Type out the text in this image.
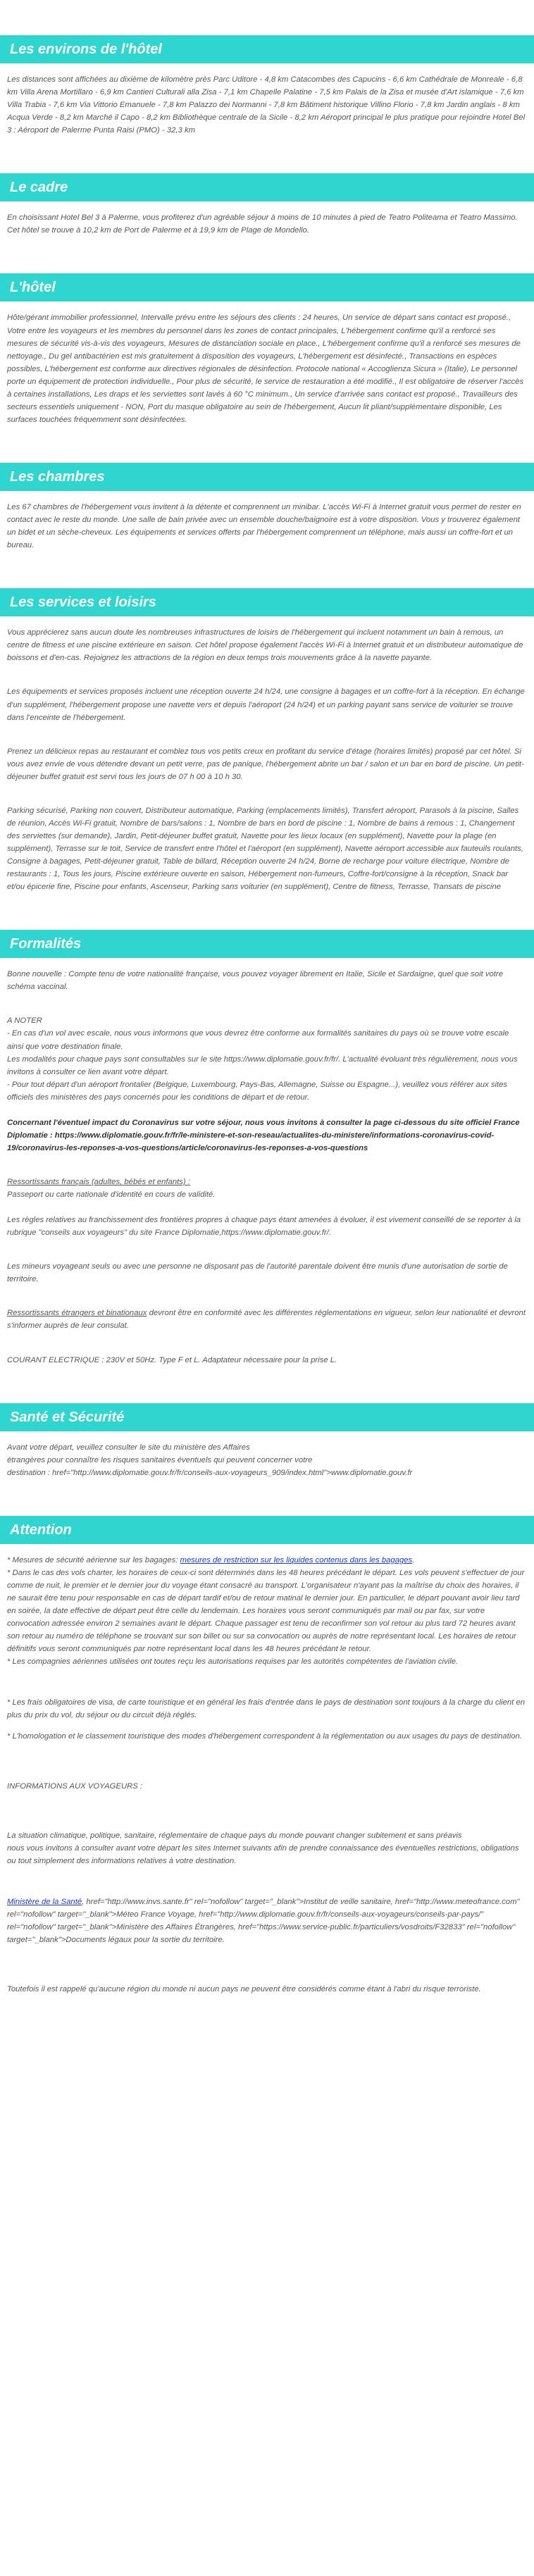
Les environs de l'hôtel

Les distances sont affichées au dixième de kilomètre près Parc Uditore - 4,8 km Catacombes des Capucins - 6,6 km Cathédrale de Monreale - 6,8 km Villa Arena Mortillaro - 6,9 km Cantieri Culturali alla Zisa - 7,1 km Chapelle Palatine - 7,5 km Palais de la Zisa et musée d'Art islamique - 7,6 km Villa Trabia - 7,6 km Via Vittorio Emanuele - 7,8 km Palazzo dei Normanni - 7,8 km Bâtiment historique Villino Florio - 7,8 km Jardin anglais - 8 km Acqua Verde - 8,2 km Marché il Capo - 8,2 km Bibliothèque centrale de la Sicile - 8,2 km Aéroport principal le plus pratique pour rejoindre Hotel Bel 3 : Aéroport de Palerme Punta Raisi (PMO) - 32,3 km

Le cadre

En choisissant Hotel Bel 3 à Palerme, vous profiterez d'un agréable séjour à moins de 10 minutes à pied de Teatro Politeama et Teatro Massimo. Cet hôtel se trouve à 10,2 km de Port de Palerme et à 19,9 km de Plage de Mondello.

L'hôtel

Hôte/gérant immobilier professionnel, Intervalle prévu entre les séjours des clients : 24 heures, Un service de départ sans contact est proposé., Votre entre les voyageurs et les membres du personnel dans les zones de contact principales, L'hébergement confirme qu'il a renforcé ses mesures de sécurité vis-à-vis des voyageurs, Mesures de distanciation sociale en place., L'hébergement confirme qu'il a renforcé ses mesures de nettoyage., Du gel antibactérien est mis gratuitement à disposition des voyageurs, L'hébergement est désinfecté., Transactions en espèces possibles, L'hébergement est conforme aux directives régionales de désinfection. Protocole national « Accoglienza Sicura » (Italie), Le personnel porte un équipement de protection individuelle., Pour plus de sécurité, le service de restauration a été modifié., Il est obligatoire de réserver l'accès à certaines installations, Les draps et les serviettes sont lavés à 60 °C minimum., Un service d'arrivée sans contact est proposé., Travailleurs des secteurs essentiels uniquement - NON, Port du masque obligatoire au sein de l'hébergement, Aucun lit pliant/supplémentaire disponible, Les surfaces touchées fréquemment sont désinfectées.

Les chambres

Les 67 chambres de l'hébergement vous invitent à la détente et comprennent un minibar. L'accès Wi-Fi à Internet gratuit vous permet de rester en contact avec le reste du monde. Une salle de bain privée avec un ensemble douche/baignoire est à votre disposition. Vous y trouverez également un bidet et un sèche-cheveux. Les équipements et services offerts par l'hébergement comprennent un téléphone, mais aussi un coffre-fort et un bureau.

Les services et loisirs

Vous apprécierez sans aucun doute les nombreuses infrastructures de loisirs de l'hébergement qui incluent notamment un bain à remous, un centre de fitness et une piscine extérieure en saison. Cet hôtel propose également l'accès Wi-Fi à Internet gratuit et un distributeur automatique de boissons et d'en-cas. Rejoignez les attractions de la région en deux temps trois mouvements grâce à la navette payante.

Les équipements et services proposés incluent une réception ouverte 24 h/24, une consigne à bagages et un coffre-fort à la réception. En échange d'un supplément, l'hébergement propose une navette vers et depuis l'aéroport (24 h/24) et un parking payant sans service de voiturier se trouve dans l'enceinte de l'hébergement.

Prenez un délicieux repas au restaurant et comblez tous vos petits creux en profitant du service d'étage (horaires limités) proposé par cet hôtel. Si vous avez envie de vous détendre devant un petit verre, pas de panique, l'hébergement abrite un bar / salon et un bar en bord de piscine. Un petit-déjeuner buffet gratuit est servi tous les jours de 07 h 00 à 10 h 30.

Parking sécurisé, Parking non couvert, Distributeur automatique, Parking (emplacements limités), Transfert aéroport, Parasols à la piscine, Salles de réunion, Accès Wi-Fi gratuit, Nombre de bars/salons : 1, Nombre de bars en bord de piscine : 1, Nombre de bains à remous : 1, Changement des serviettes (sur demande), Jardin, Petit-déjeuner buffet gratuit, Navette pour les lieux locaux (en supplément), Navette pour la plage (en supplément), Terrasse sur le toit, Service de transfert entre l'hôtel et l'aéroport (en supplément), Navette aéroport accessible aux fauteuils roulants, Consigne à bagages, Petit-déjeuner gratuit, Table de billard, Réception ouverte 24 h/24, Borne de recharge pour voiture électrique, Nombre de restaurants : 1, Tous les jours, Piscine extérieure ouverte en saison, Hébergement non-fumeurs, Coffre-fort/consigne à la réception, Snack bar et/ou épicerie fine, Piscine pour enfants, Ascenseur, Parking sans voiturier (en supplément), Centre de fitness, Terrasse, Transats de piscine

Formalités

Bonne nouvelle : Compte tenu de votre nationalité française, vous pouvez voyager librement en Italie, Sicile et Sardaigne, quel que soit votre schéma vaccinal.

A NOTER
- En cas d'un vol avec escale, nous vous informons que vous devrez être conforme aux formalités sanitaires du pays où se trouve votre escale ainsi que votre destination finale.
Les modalités pour chaque pays sont consultables sur le site https://www.diplomatie.gouv.fr/fr/. L'actualité évoluant très régulièrement, nous vous invitons à consulter ce lien avant votre départ.
- Pour tout départ d'un aéroport frontalier (Belgique, Luxembourg, Pays-Bas, Allemagne, Suisse ou Espagne...), veuillez vous référer aux sites officiels des ministères des pays concernés pour les conditions de départ et de retour.

Concernant l'éventuel impact du Coronavirus sur votre séjour, nous vous invitons à consulter la page ci-dessous du site officiel France Diplomatie : https://www.diplomatie.gouv.fr/fr/le-ministere-et-son-reseau/actualites-du-ministere/informations-coronavirus-covid-19/coronavirus-les-reponses-a-vos-questions/article/coronavirus-les-reponses-a-vos-questions

Ressortissants français (adultes, bébés et enfants) :
Passeport ou carte nationale d'identité en cours de validité.

Les règles relatives au franchissement des frontières propres à chaque pays étant amenées à évoluer, il est vivement conseillé de se reporter à la rubrique "conseils aux voyageurs" du site France Diplomatie,https://www.diplomatie.gouv.fr/.

Les mineurs voyageant seuls ou avec une personne ne disposant pas de l'autorité parentale doivent être munis d'une autorisation de sortie de territoire.

Ressortissants étrangers et binationaux devront être en conformité avec les différentes réglementations en vigueur, selon leur nationalité et devront s'informer auprès de leur consulat.

COURANT ELECTRIQUE : 230V et 50Hz. Type F et L. Adaptateur nécessaire pour la prise L.

Santé et Sécurité
Avant votre départ, veuillez consulter le site du ministère des Affaires
étrangères pour connaître les risques sanitaires éventuels qui peuvent concerner votre
destination : href="http://www.diplomatie.gouv.fr/fr/conseils-aux-voyageurs_909/index.html">www.diplomatie.gouv.fr
Attention
* Mesures de sécurité aérienne sur les bagages: mesures de restriction sur les liquides contenus dans les bagages.
* Dans le cas des vols charter, les horaires de ceux-ci sont déterminés dans les 48 heures précédant le départ. Les vols peuvent s'effectuer de jour comme de nuit, le premier et le dernier jour du voyage étant consacré au transport. L'organisateur n'ayant pas la maîtrise du choix des horaires, il ne saurait être tenu pour responsable en cas de départ tardif et/ou de retour matinal le dernier jour. En particulier, le départ pouvant avoir lieu tard en soirée, la date effective de départ peut être celle du lendemain. Les horaires vous seront communiqués par mail ou par fax, sur votre convocation adressée environ 2 semaines avant le départ. Chaque passager est tenu de reconfirmer son vol retour au plus tard 72 heures avant son retour au numéro de téléphone se trouvant sur son billet ou sur sa convocation ou auprès de notre représentant local. Les horaires de retour définitifs vous seront communiqués par notre représentant local dans les 48 heures précédant le retour.
* Les compagnies aériennes utilisées ont toutes reçu les autorisations requises par les autorités compétentes de l'aviation civile.

* Les frais obligatoires de visa, de carte touristique et en général les frais d'entrée dans le pays de destination sont toujours à la charge du client en plus du prix du vol, du séjour ou du circuit déjà réglés.

* L'homologation et le classement touristique des modes d'hébergement correspondent à la réglementation ou aux usages du pays de destination.

INFORMATIONS AUX VOYAGEURS :

La situation climatique, politique, sanitaire, réglementaire de chaque pays du monde pouvant changer subitement et sans préavis
nous vous invitons à consulter avant votre départ les sites Internet suivants afin de prendre connaissance des éventuelles restrictions, obligations ou tout simplement des informations relatives à votre destination.

Ministère de la Santé, href="http://www.invs.sante.fr" rel="nofollow" target="_blank">Institut de veille sanitaire, href="http://www.meteofrance.com" rel="nofollow" target="_blank">Méteo France Voyage, href="http://www.diplomatie.gouv.fr/fr/conseils-aux-voyageurs/conseils-par-pays/" rel="nofollow" target="_blank">Ministère des Affaires Étrangères, href="https://www.service-public.fr/particuliers/vosdroits/F32833" rel="nofollow" target="_blank">Documents légaux pour la sortie du territoire.

Toutefois il est rappelé qu'aucune région du monde ni aucun pays ne peuvent être considérés comme étant à l'abri du risque terroriste.
